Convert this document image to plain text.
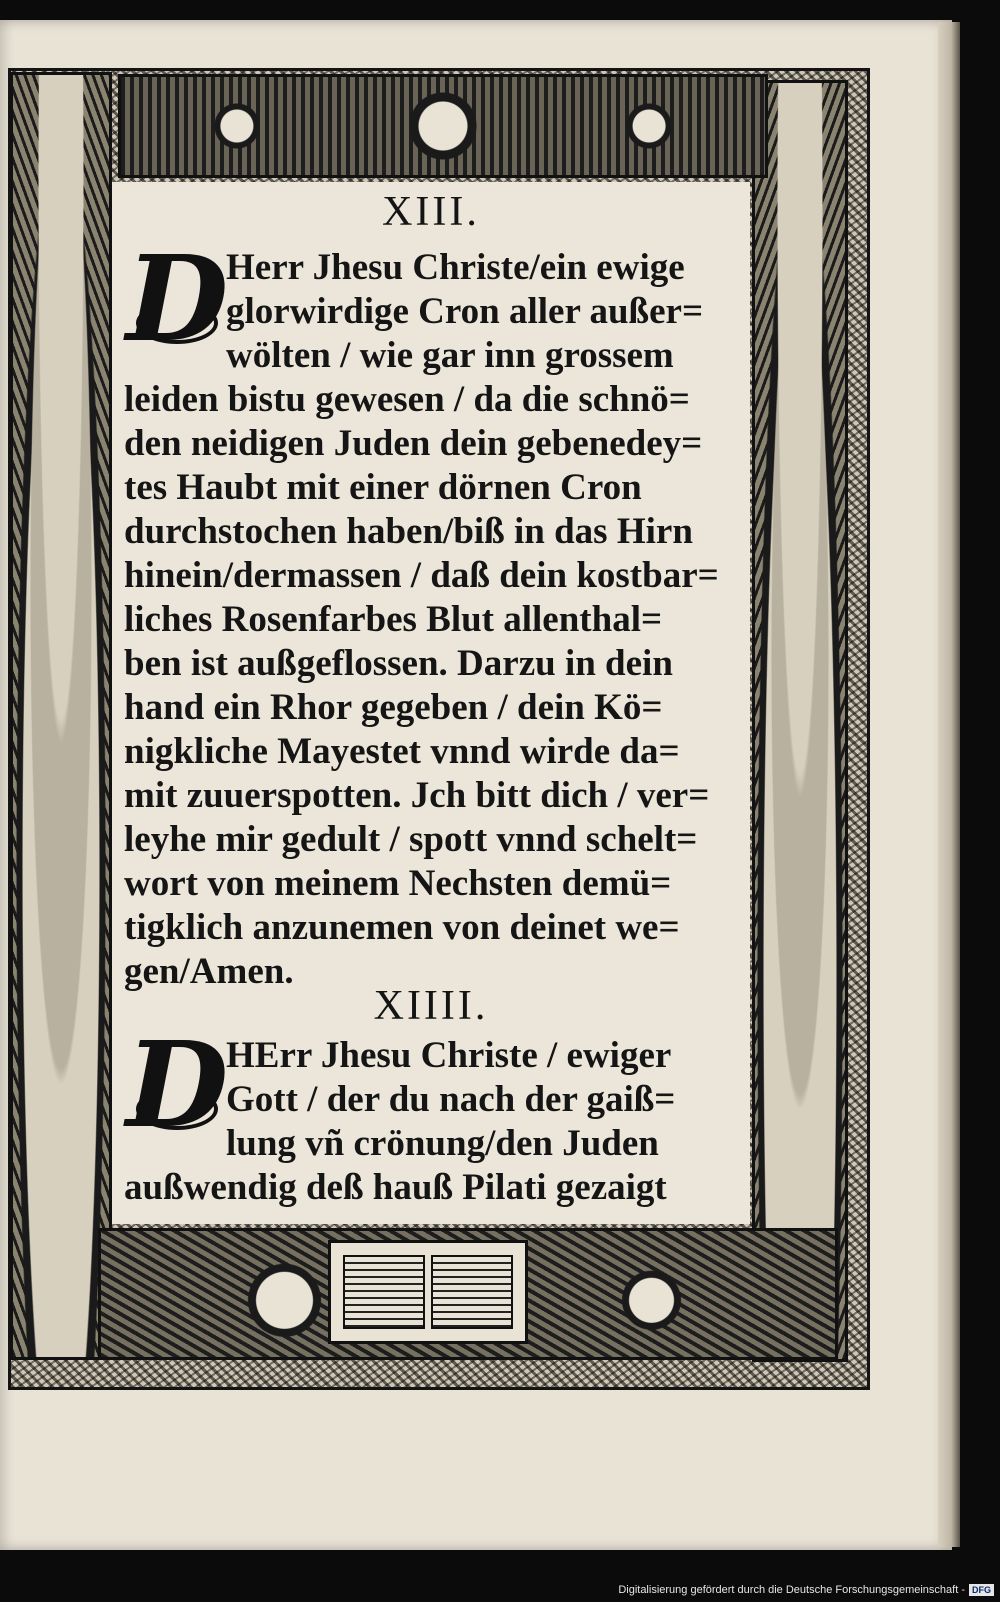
XIII.
D
Herr Jhesu Christe/ein ewige
glorwirdige Cron aller außer=
wölten / wie gar inn grossem
leiden bistu gewesen / da die schnö=
den neidigen Juden dein gebenedey=
tes Haubt mit einer dörnen Cron
durchstochen haben/biß in das Hirn
hinein/dermassen / daß dein kostbar=
liches Rosenfarbes Blut allenthal=
ben ist außgeflossen. Darzu in dein
hand ein Rhor gegeben / dein Kö=
nigkliche Mayestet vnnd wirde da=
mit zuuerspotten. Jch bitt dich / ver=
leyhe mir gedult / spott vnnd schelt=
wort von meinem Nechsten demü=
tigklich anzunemen von deinet we=
gen/Amen.
XIIII.
D
HErr Jhesu Christe / ewiger
Gott / der du nach der gaiß=
lung vñ crönung/den Juden
außwendig deß hauß Pilati gezaigt
Digitalisierung gefördert durch die Deutsche Forschungsgemeinschaft - DFG
